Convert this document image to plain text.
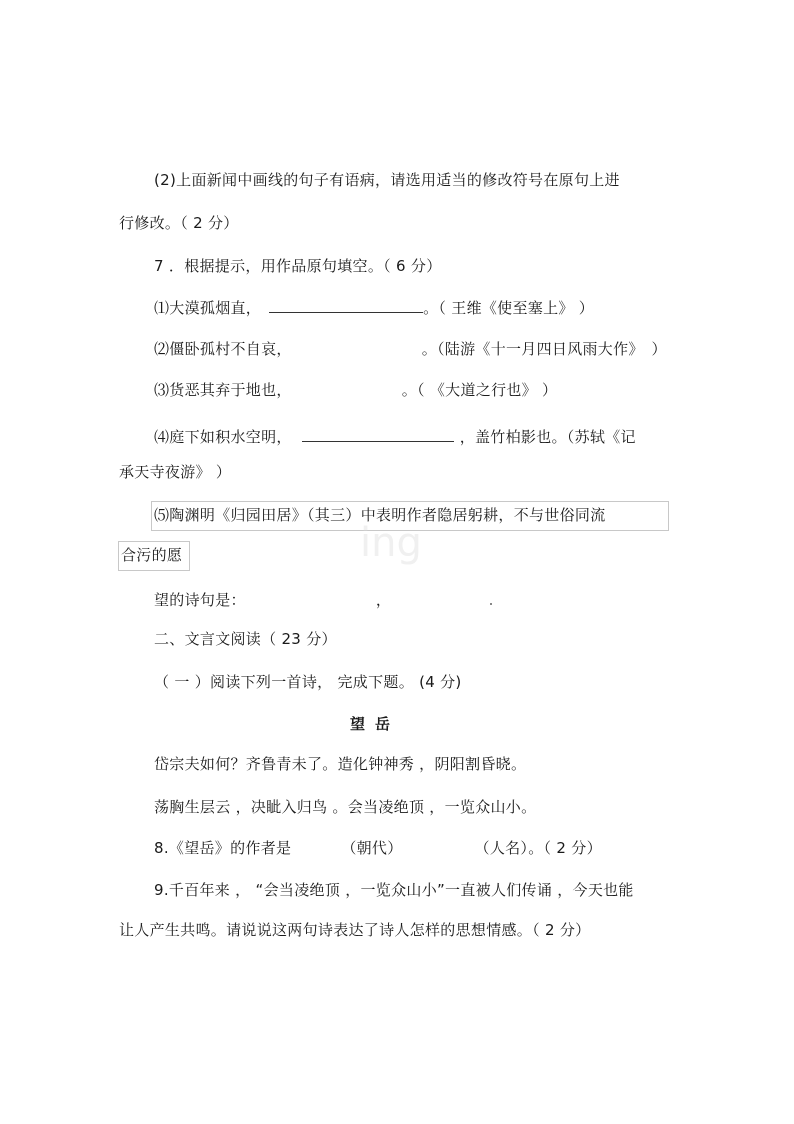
(2)上面新闻中画线的句子有语病，请选用适当的修改符号在原句上进
行修改。（ 2 分）
7 ．根据提示，用作品原句填空。（ 6 分）
⑴大漠孤烟直，	。（ 王维《使至塞上》 ）
⑵僵卧孤村不自哀，	。（陆游《十一月四日风雨大作》　）
⑶货恶其弃于地也，	。（ 《大道之行也》 ）
⑷庭下如积水空明，	，盖竹柏影也。（苏轼《记
承天寺夜游》 ）
⑸陶渊明《归园田居》（其三）中表明作者隐居躬耕，不与世俗同流
合污的愿	ing
望的诗句是：	，
二、文言文阅读（ 23 分）
（ 一 ）阅读下列一首诗， 完成下题。 (4 分)
望岳
岱宗夫如何？齐鲁青未了。造化钟神秀 ，阴阳割昏晓。
荡胸生层云 ，决眦入归鸟 。会当凌绝顶 ，一览众山小。
8.《望岳》的作者是	（朝代）	（人名）。（ 2 分）
9.千百年来 ， “会当凌绝顶 ，一览众山小”一直被人们传诵 ，今天也能
让人产生共鸣。请说说这两句诗表达了诗人怎样的思想情感。（ 2 分）
